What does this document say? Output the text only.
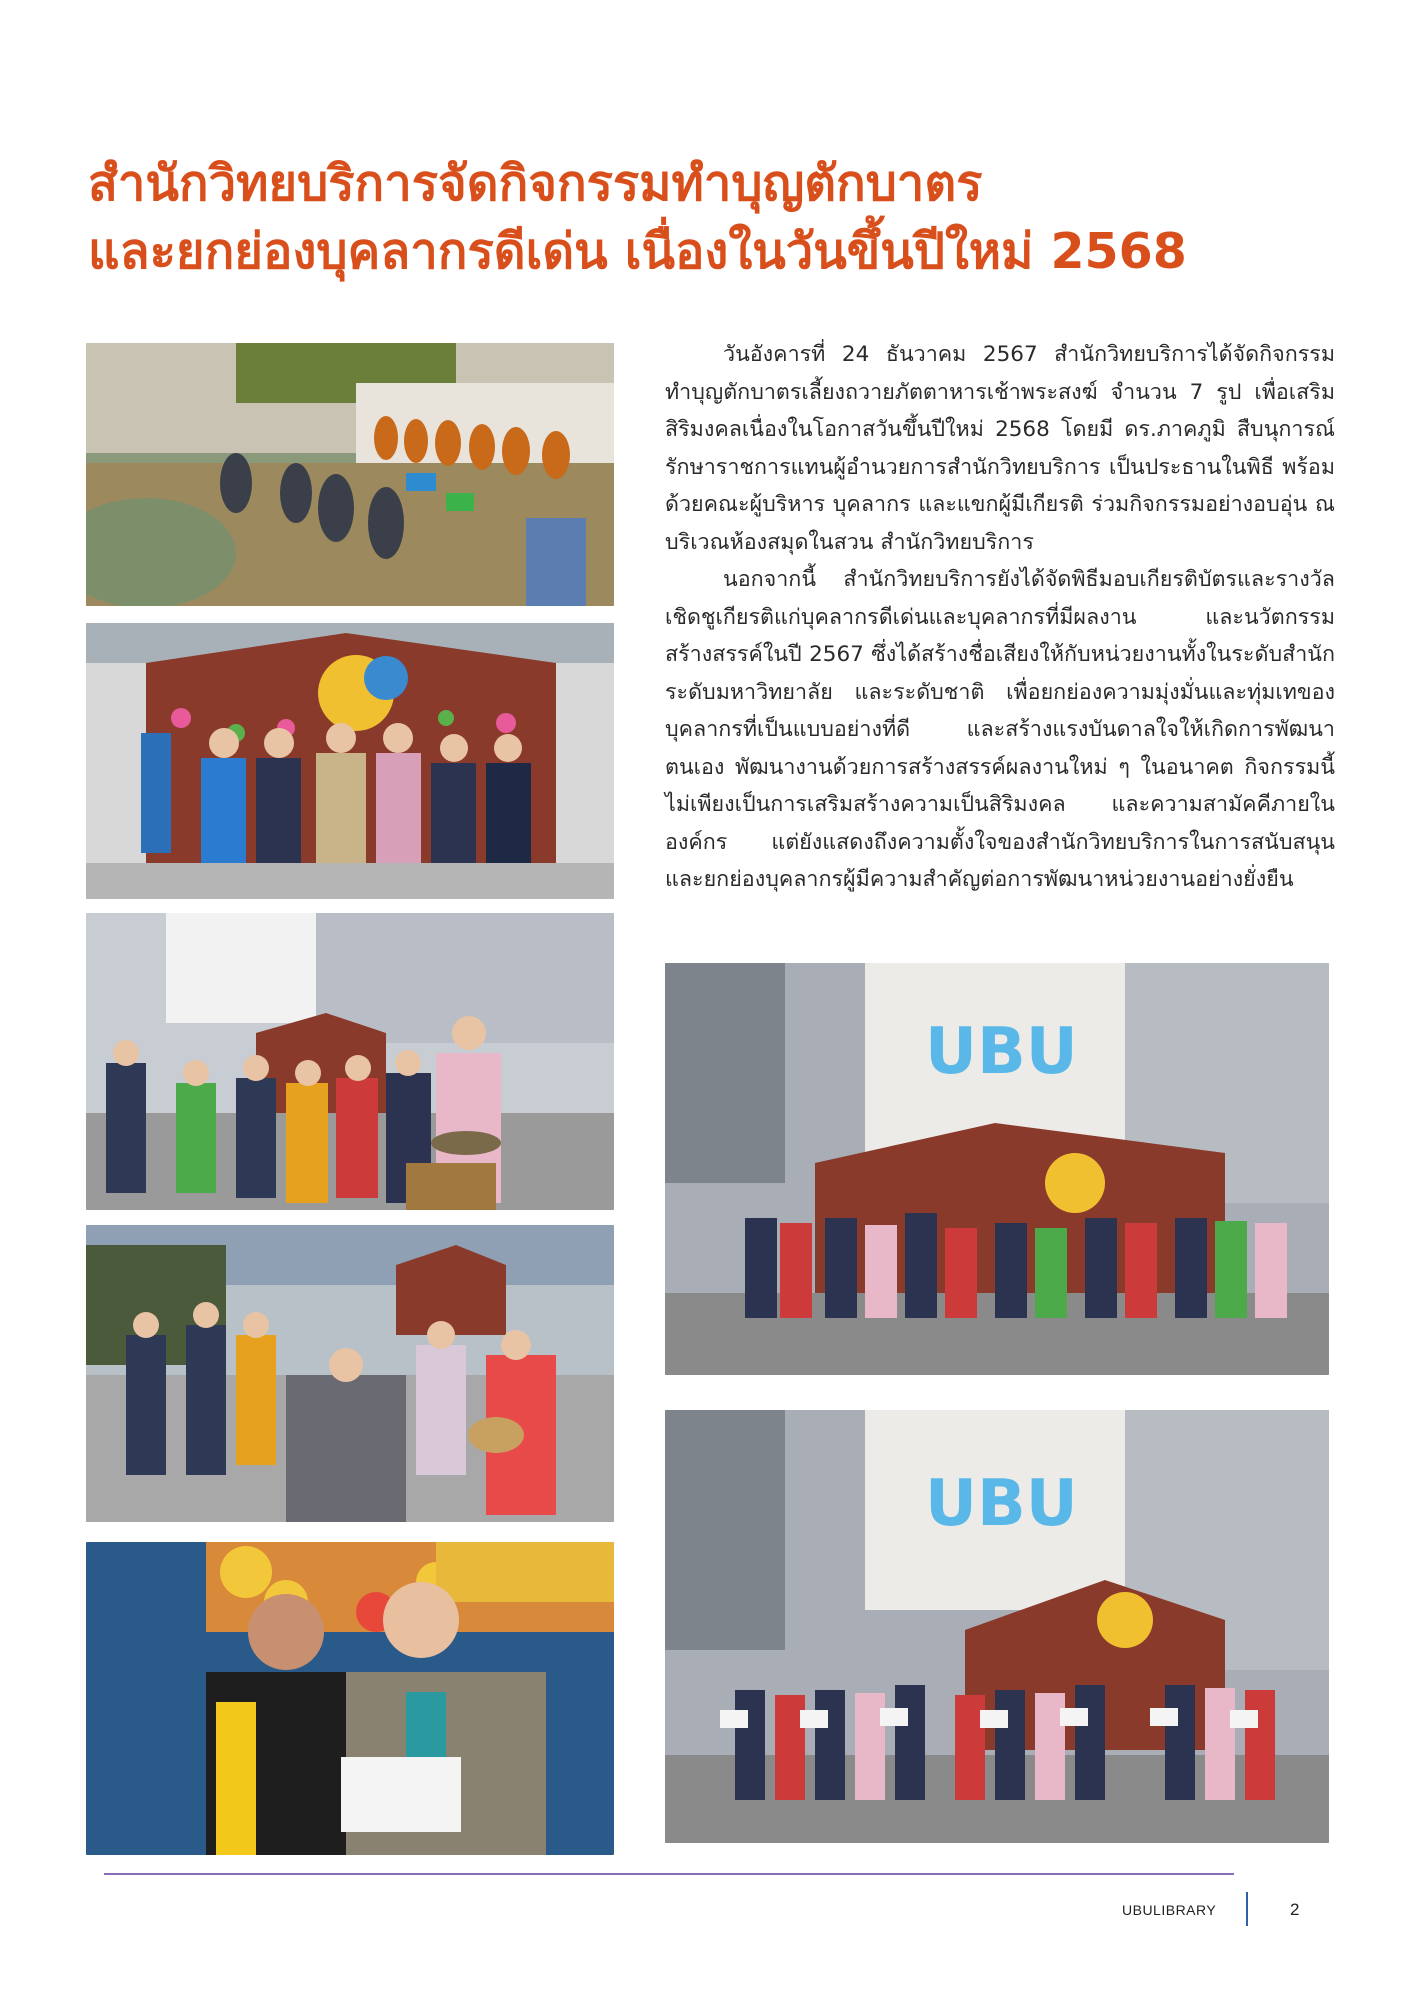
สำนักวิทยบริการจัดกิจกรรมทำบุญตักบาตร
และยกย่องบุคลากรดีเด่น เนื่องในวันขึ้นปีใหม่ 2568
UBU
UBU

วันอังคารที่ 24 ธันวาคม 2567 สำนักวิทยบริการได้จัดกิจกรรมทำบุญตักบาตรเลี้ยงถวายภัตตาหารเช้าพระสงฆ์ จำนวน 7 รูป เพื่อเสริมสิริมงคลเนื่องในโอกาสวันขึ้นปีใหม่ 2568 โดยมี ดร.ภาคภูมิ สืบนุการณ์ รักษาราชการแทนผู้อำนวยการสำนักวิทยบริการ เป็นประธานในพิธี พร้อมด้วยคณะผู้บริหาร บุคลากร และแขกผู้มีเกียรติ ร่วมกิจกรรมอย่างอบอุ่น ณ บริเวณห้องสมุดในสวน สำนักวิทยบริการ

นอกจากนี้ สำนักวิทยบริการยังได้จัดพิธีมอบเกียรติบัตรและรางวัลเชิดชูเกียรติแก่บุคลากรดีเด่นและบุคลากรที่มีผลงาน และนวัตกรรมสร้างสรรค์ในปี 2567 ซึ่งได้สร้างชื่อเสียงให้กับหน่วยงานทั้งในระดับสำนัก ระดับมหาวิทยาลัย และระดับชาติ เพื่อยกย่องความมุ่งมั่นและทุ่มเทของบุคลากรที่เป็นแบบอย่างที่ดี และสร้างแรงบันดาลใจให้เกิดการพัฒนาตนเอง พัฒนางานด้วยการสร้างสรรค์ผลงานใหม่ ๆ ในอนาคต กิจกรรมนี้ไม่เพียงเป็นการเสริมสร้างความเป็นสิริมงคล และความสามัคคีภายในองค์กร แต่ยังแสดงถึงความตั้งใจของสำนักวิทยบริการในการสนับสนุนและยกย่องบุคลากรผู้มีความสำคัญต่อการพัฒนาหน่วยงานอย่างยั่งยืน

UBULIBRARY	2
